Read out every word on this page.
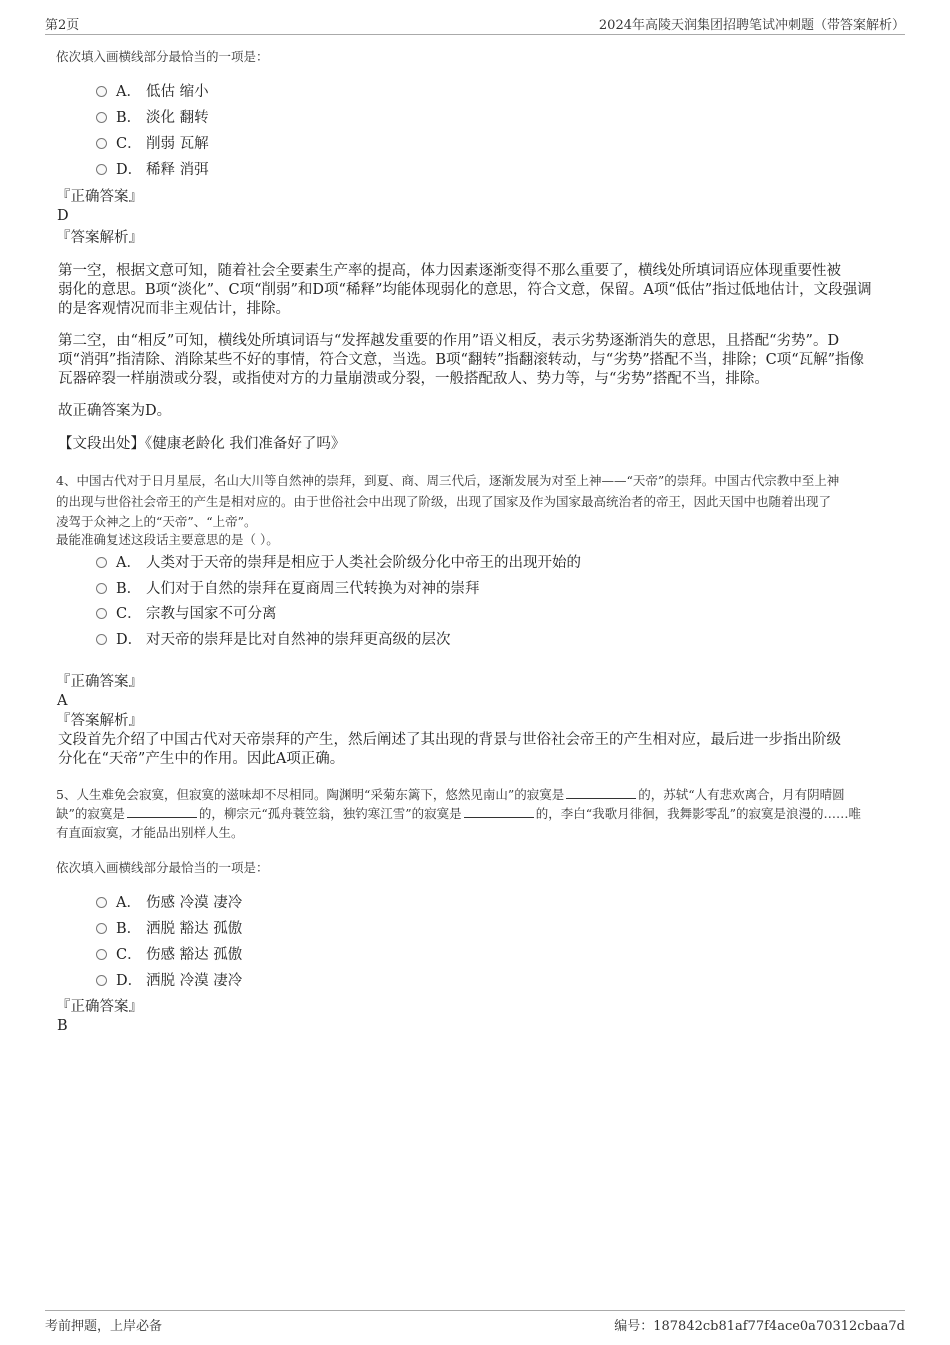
第2页	2024年高陵天润集团招聘笔试冲刺题（带答案解析）
依次填入画横线部分最恰当的一项是：
A． 低估 缩小
B． 淡化 翻转
C． 削弱 瓦解
D． 稀释 消弭
『正确答案』
D
『答案解析』
第一空，根据文意可知，随着社会全要素生产率的提高，体力因素逐渐变得不那么重要了，横线处所填词语应体现重要性被
弱化的意思。B项“淡化”、C项“削弱”和D项“稀释”均能体现弱化的意思，符合文意，保留。A项“低估”指过低地估计，文段强调
的是客观情况而非主观估计，排除。
第二空，由“相反”可知，横线处所填词语与“发挥越发重要的作用”语义相反，表示劣势逐渐消失的意思，且搭配“劣势”。D
项“消弭”指清除、消除某些不好的事情，符合文意，当选。B项“翻转”指翻滚转动，与“劣势”搭配不当，排除；C项“瓦解”指像
瓦器碎裂一样崩溃或分裂，或指使对方的力量崩溃或分裂，一般搭配敌人、势力等，与“劣势”搭配不当，排除。
故正确答案为D。
【文段出处】《健康老龄化 我们准备好了吗》
4、中国古代对于日月星辰，名山大川等自然神的崇拜，到夏、商、周三代后，逐渐发展为对至上神——“天帝”的崇拜。中国古代宗教中至上神
的出现与世俗社会帝王的产生是相对应的。由于世俗社会中出现了阶级，出现了国家及作为国家最高统治者的帝王，因此天国中也随着出现了
凌驾于众神之上的“天帝”、“上帝”。
最能准确复述这段话主要意思的是（ ）。
A． 人类对于天帝的崇拜是相应于人类社会阶级分化中帝王的出现开始的
B． 人们对于自然的崇拜在夏商周三代转换为对神的崇拜
C． 宗教与国家不可分离
D． 对天帝的崇拜是比对自然神的崇拜更高级的层次
『正确答案』
A
『答案解析』
文段首先介绍了中国古代对天帝崇拜的产生，然后阐述了其出现的背景与世俗社会帝王的产生相对应，最后进一步指出阶级
分化在“天帝”产生中的作用。因此A项正确。
5、人生难免会寂寞，但寂寞的滋味却不尽相同。陶渊明“采菊东篱下，悠然见南山”的寂寞是	的，苏轼“人有悲欢离合，月有阴晴圆
缺”的寂寞是	的，柳宗元“孤舟蓑笠翁，独钓寒江雪”的寂寞是	的，李白“我歌月徘徊，我舞影零乱”的寂寞是浪漫的……唯
有直面寂寞，才能品出别样人生。
依次填入画横线部分最恰当的一项是：
A． 伤感 冷漠 凄冷
B． 洒脱 豁达 孤傲
C． 伤感 豁达 孤傲
D． 洒脱 冷漠 凄冷
『正确答案』
B
考前押题，上岸必备	编号：187842cb81af77f4ace0a70312cbaa7d
